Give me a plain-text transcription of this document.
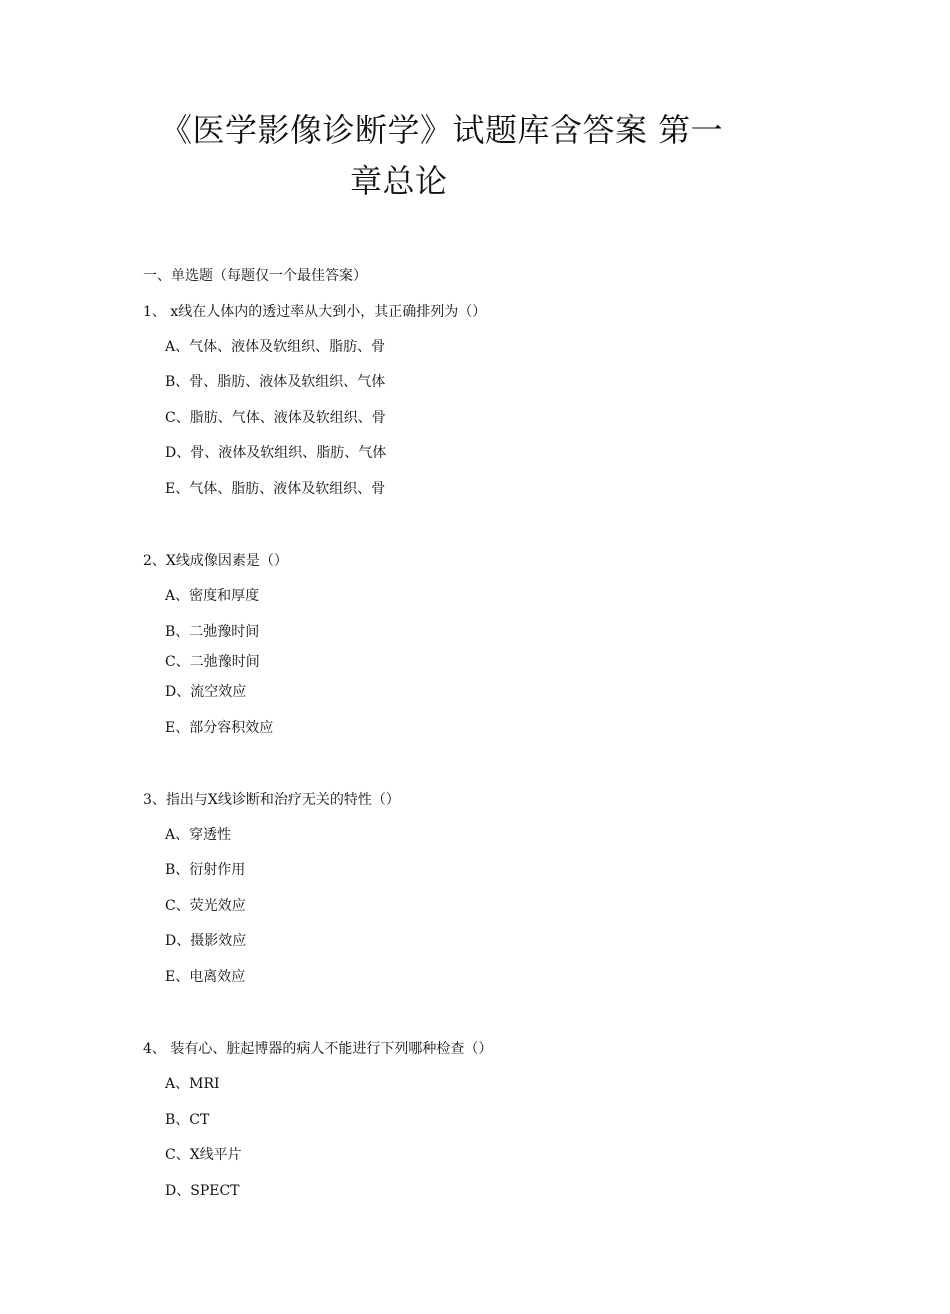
《医学影像诊断学》试题库含答案 第一
章总论
一、单选题（每题仅一个最佳答案）
1、 x线在人体内的透过率从大到小，其正确排列为（）
A、气体、液体及软组织、脂肪、骨
B、骨、脂肪、液体及软组织、气体
C、脂肪、气体、液体及软组织、骨
D、骨、液体及软组织、脂肪、气体
E、气体、脂肪、液体及软组织、骨
2、X线成像因素是（）
A、密度和厚度
B、二弛豫时间
C、二弛豫时间
D、流空效应
E、部分容积效应
3、指出与X线诊断和治疗无关的特性（）
A、穿透性
B、衍射作用
C、荧光效应
D、摄影效应
E、电离效应
4、 装有心、脏起博器的病人不能进行下列哪种检查（）
A、MRI
B、CT
C、X线平片
D、SPECT
